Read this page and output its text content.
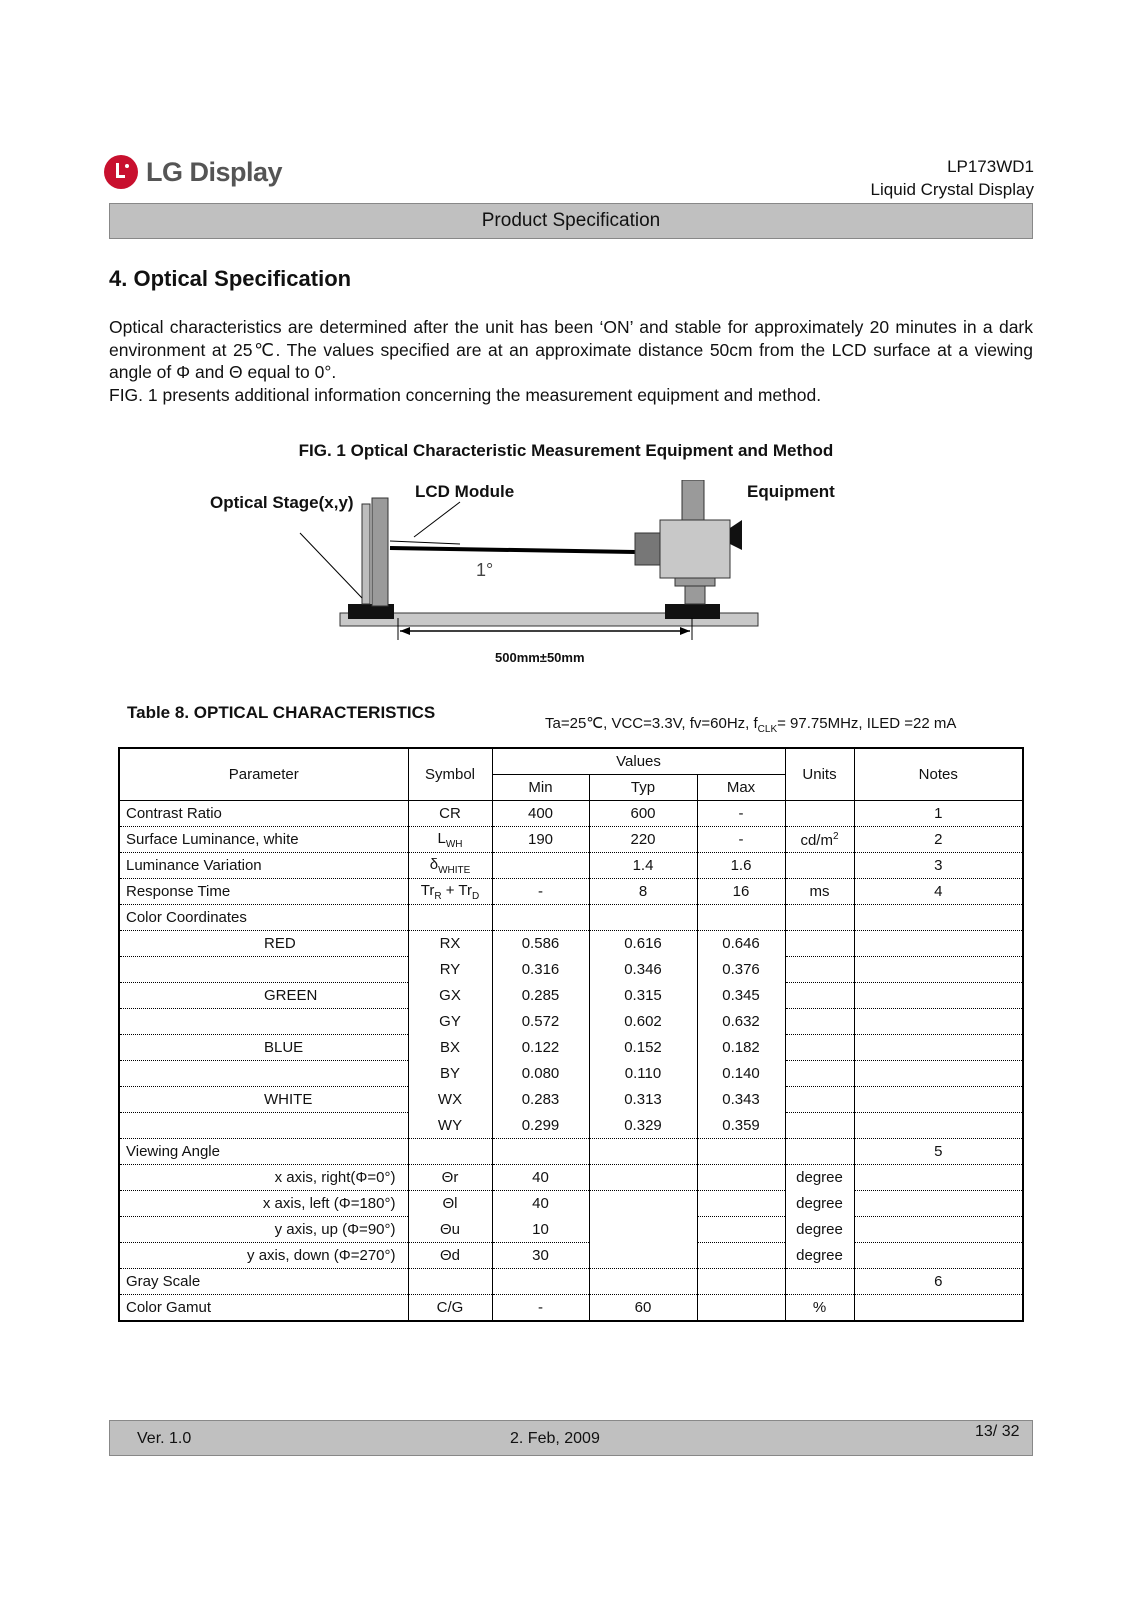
LG Display	LP173WD1
Liquid Crystal Display
Product Specification
4. Optical Specification
Optical characteristics are determined after the unit has been ‘ON’ and stable for approximately 20 minutes in a dark environment at 25℃. The values specified are at an approximate distance 50cm from the LCD surface at a viewing angle of Φ and Θ equal to 0°.
FIG. 1 presents additional information concerning the measurement equipment and method.
FIG. 1 Optical Characteristic Measurement Equipment and Method
Optical Stage(x,y)
LCD Module	Equipment
1°
500mm±50mm
Table 8. OPTICAL CHARACTERISTICS
Ta=25℃, VCC=3.3V, fv=60Hz, $f_{CLK}= 97.75MHz$, ILED =22 mA
Parameter	Symbol	Values			Units	Notes
		Min	Typ	Max		
Contrast Ratio	CR	400	600	-		1
Surface Luminance, white	$L_{WH}$	190	220	-	$cd/m^2$	2
Luminance Variation	$\delta_{WHITE}$		1.4	1.6		3
Response Time	$Tr_R + Tr_D$	-	8	16	ms	4
Color Coordinates						
RED	RX	0.586	0.616	0.646		
	RY	0.316	0.346	0.376		
GREEN	GX	0.285	0.315	0.345		
	GY	0.572	0.602	0.632		
BLUE	BX	0.122	0.152	0.182		
	BY	0.080	0.110	0.140		
WHITE	WX	0.283	0.313	0.343		
	WY	0.299	0.329	0.359		
Viewing Angle						5
x axis, right(Φ=0°)	Θr	40			degree	
x axis, left (Φ=180°)	Θl	40			degree	
y axis, up (Φ=90°)	Θu	10			degree	
y axis, down (Φ=270°)	Θd	30			degree	
Gray Scale						6
Color Gamut	C/G	-	60		%	
Ver. 1.0	2. Feb, 2009	13/ 32
